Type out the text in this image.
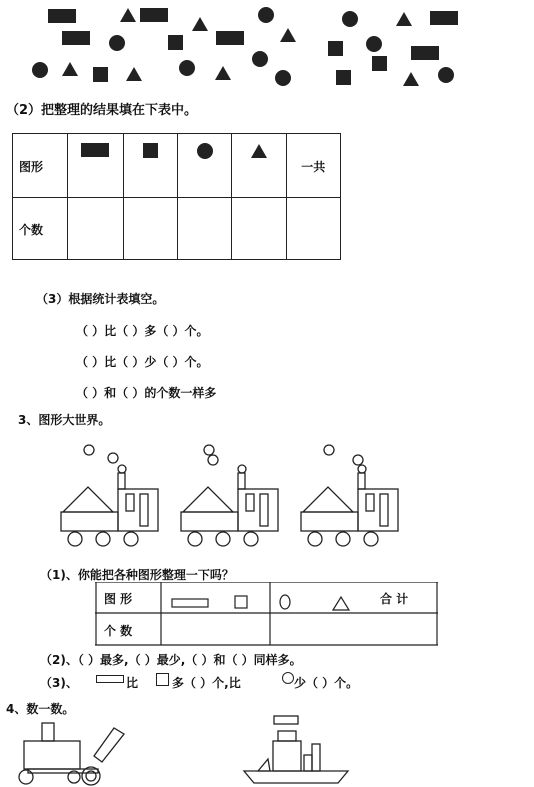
（2）把整理的结果填在下表中。
图形					一共
个数					
（3）根据统计表填空。
（ ）比（ ）多（ ）个。
（ ）比（ ）少（ ）个。
（ ）和（ ）的个数一样多
3、图形大世界。
（1)、你能把各种图形整理一下吗？
图 形	合 计
个 数
（2)、（ ）最多,（ ）最少,（ ）和（ ）同样多。
（3)、	比	多（ ）个,比	少（ ）个。
4、数一数。
